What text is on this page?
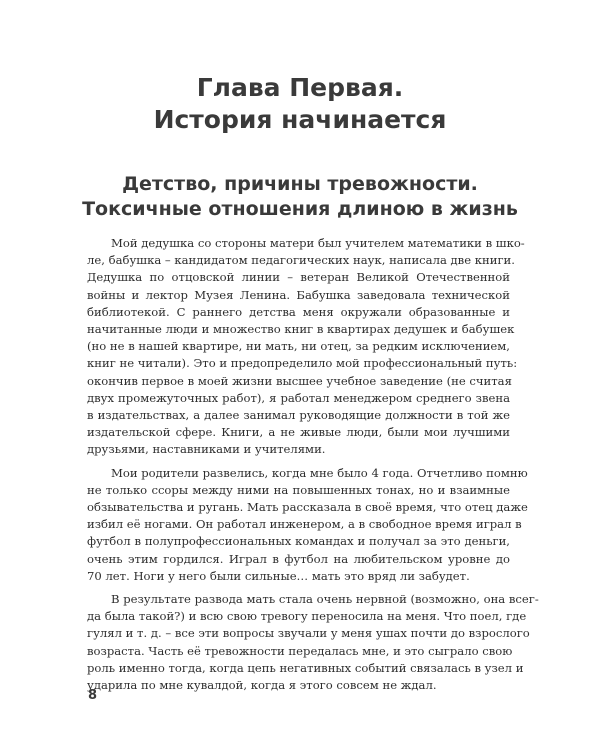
Глава Первая.
История начинается
Детство, причины тревожности.
Токсичные отношения длиною в жизнь

Мой дедушка со стороны матери был учителем математики в шко-
ле, бабушка – кандидатом педагогических наук, написала две книги.
Дедушка по отцовской линии – ветеран Великой Отечественной
войны и лектор Музея Ленина. Бабушка заведовала технической
библиотекой. С раннего детства меня окружали образованные и
начитанные люди и множество книг в квартирах дедушек и бабушек
(но не в нашей квартире, ни мать, ни отец, за редким исключением,
книг не читали). Это и предопределило мой профессиональный путь:
окончив первое в моей жизни высшее учебное заведение (не считая
двух промежуточных работ), я работал менеджером среднего звена
в издательствах, а далее занимал руководящие должности в той же
издательской сфере. Книги, а не живые люди, были мои лучшими
друзьями, наставниками и учителями.

Мои родители развелись, когда мне было 4 года. Отчетливо помню
не только ссоры между ними на повышенных тонах, но и взаимные
обзывательства и ругань. Мать рассказала в своё время, что отец даже
избил её ногами. Он работал инженером, а в свободное время играл в
футбол в полупрофессиональных командах и получал за это деньги,
очень этим гордился. Играл в футбол на любительском уровне до
70 лет. Ноги у него были сильные… мать это вряд ли забудет.

В результате развода мать стала очень нервной (возможно, она всег-
да была такой?) и всю свою тревогу переносила на меня. Что поел, где
гулял и т. д. – все эти вопросы звучали у меня ушах почти до взрослого
возраста. Часть её тревожности передалась мне, и это сыграло свою
роль именно тогда, когда цепь негативных событий связалась в узел и
ударила по мне кувалдой, когда я этого совсем не ждал.

8
